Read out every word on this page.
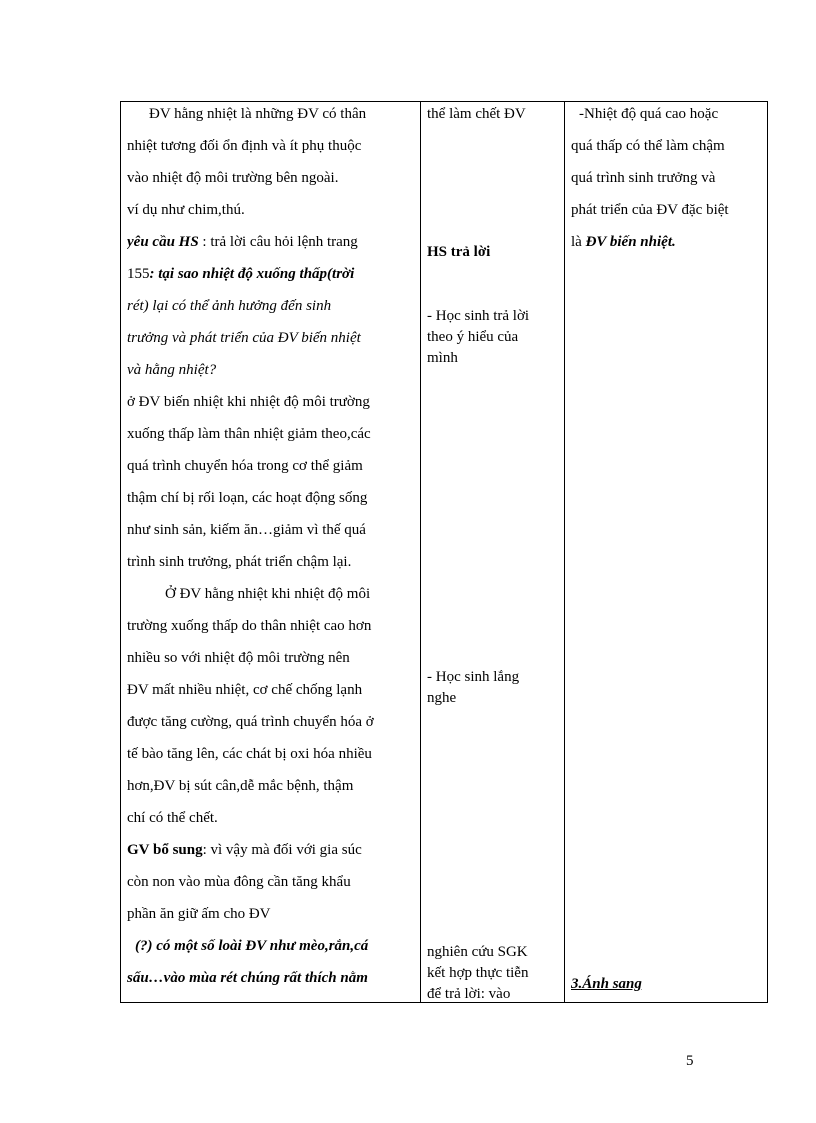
ĐV hằng nhiệt là những ĐV có thân
nhiệt tương đối ổn định và ít phụ thuộc
vào nhiệt độ môi trường bên ngoài.
ví dụ như chim,thú.
yêu cầu HS : trả lời câu hỏi lệnh trang
155: tại sao nhiệt độ xuống thấp(trời
rét) lại có thể ảnh hưởng đến sinh
trưởng và phát triển của ĐV biến nhiệt
và hằng nhiệt?
ở ĐV biến nhiệt khi nhiệt độ môi trường
xuống thấp làm thân nhiệt giảm theo,các
quá trình chuyển hóa trong cơ thể giảm
thậm chí bị rối loạn, các hoạt động sống
như sinh sản, kiếm ăn…giảm vì thế quá
trình sinh trưởng, phát triển chậm lại.
Ở ĐV hằng nhiệt khi nhiệt độ môi
trường xuống thấp do thân nhiệt cao hơn
nhiều so với nhiệt độ môi trường nên
ĐV mất nhiều nhiệt, cơ chế chống lạnh
được tăng cường, quá trình chuyển hóa ở
tế bào tăng lên, các chát bị oxi hóa nhiều
hơn,ĐV bị sút cân,dễ mắc bệnh, thậm
chí có thể chết.
GV bổ sung: vì vậy mà đối với gia súc
còn non vào mùa đông cần tăng khẩu
phần ăn giữ ấm cho ĐV
(?) có một số loài ĐV như mèo,rắn,cá
sấu…vào mùa rét chúng rất thích nằm
thể làm chết ĐV
HS trả lời
- Học sinh trả lời
theo ý hiểu của
mình
- Học sinh lắng
nghe
nghiên cứu SGK
kết hợp thực tiễn
để trả lời: vào
-Nhiệt độ quá cao hoặc
quá thấp có thể làm chậm
quá trình sinh trưởng và
phát triển của ĐV đặc biệt
là ĐV biến nhiệt.
3.Ánh sang
5
